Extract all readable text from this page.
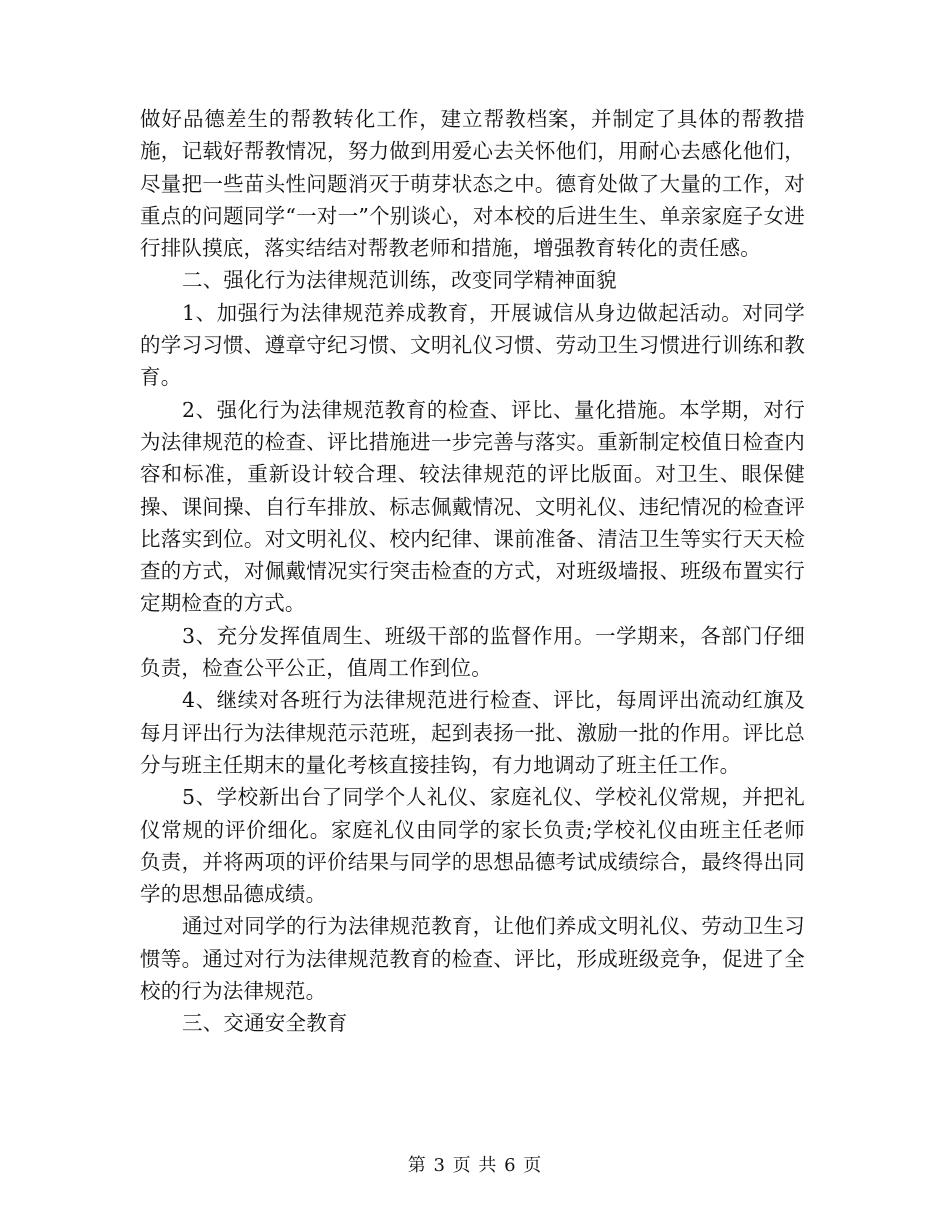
做好品德差生的帮教转化工作，建立帮教档案，并制定了具体的帮教措施，记载好帮教情况，努力做到用爱心去关怀他们，用耐心去感化他们，尽量把一些苗头性问题消灭于萌芽状态之中。德育处做了大量的工作，对重点的问题同学“一对一”个别谈心，对本校的后进生生、单亲家庭子女进行排队摸底，落实结结对帮教老师和措施，增强教育转化的责任感。

二、强化行为法律规范训练，改变同学精神面貌

1、加强行为法律规范养成教育，开展诚信从身边做起活动。对同学的学习习惯、遵章守纪习惯、文明礼仪习惯、劳动卫生习惯进行训练和教育。

2、强化行为法律规范教育的检查、评比、量化措施。本学期，对行为法律规范的检查、评比措施进一步完善与落实。重新制定校值日检查内容和标准，重新设计较合理、较法律规范的评比版面。对卫生、眼保健操、课间操、自行车排放、标志佩戴情况、文明礼仪、违纪情况的检查评比落实到位。对文明礼仪、校内纪律、课前准备、清洁卫生等实行天天检查的方式，对佩戴情况实行突击检查的方式，对班级墙报、班级布置实行定期检查的方式。

3、充分发挥值周生、班级干部的监督作用。一学期来，各部门仔细负责，检查公平公正，值周工作到位。

4、继续对各班行为法律规范进行检查、评比，每周评出流动红旗及每月评出行为法律规范示范班，起到表扬一批、激励一批的作用。评比总分与班主任期末的量化考核直接挂钩，有力地调动了班主任工作。

5、学校新出台了同学个人礼仪、家庭礼仪、学校礼仪常规，并把礼仪常规的评价细化。家庭礼仪由同学的家长负责;学校礼仪由班主任老师负责，并将两项的评价结果与同学的思想品德考试成绩综合，最终得出同学的思想品德成绩。

通过对同学的行为法律规范教育，让他们养成文明礼仪、劳动卫生习惯等。通过对行为法律规范教育的检查、评比，形成班级竞争，促进了全校的行为法律规范。

三、交通安全教育

第 3 页 共 6 页
